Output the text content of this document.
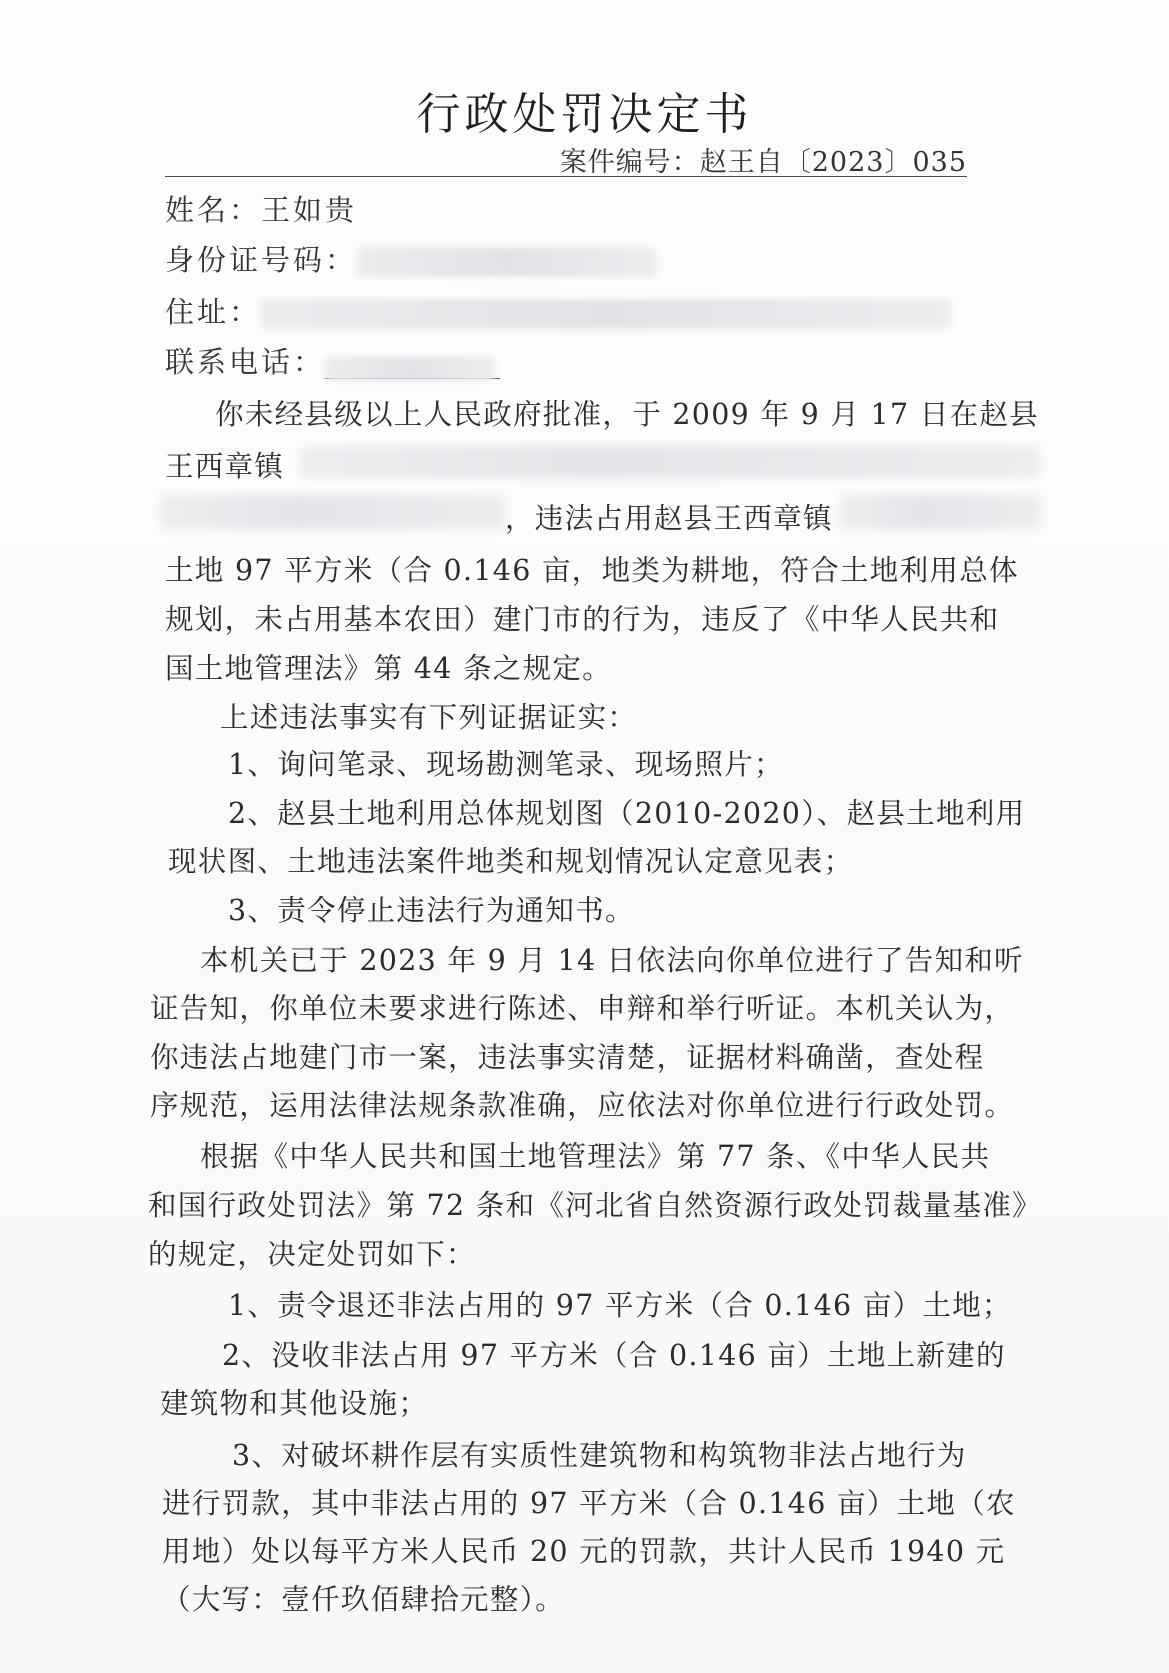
行政处罚决定书
案件编号：赵王自〔2023〕035
姓名：王如贵
身份证号码：
住址：
联系电话：
你未经县级以上人民政府批准，于 2009 年 9 月 17 日在赵县
王西章镇
，违法占用赵县王西章镇
土地 97 平方米（合 0.146 亩，地类为耕地，符合土地利用总体
规划，未占用基本农田）建门市的行为，违反了《中华人民共和
国土地管理法》第 44 条之规定。
上述违法事实有下列证据证实：
1、询问笔录、现场勘测笔录、现场照片；
2、赵县土地利用总体规划图（2010-2020）、赵县土地利用
现状图、土地违法案件地类和规划情况认定意见表；
3、责令停止违法行为通知书。
本机关已于 2023 年 9 月 14 日依法向你单位进行了告知和听
证告知，你单位未要求进行陈述、申辩和举行听证。本机关认为，
你违法占地建门市一案，违法事实清楚，证据材料确凿，查处程
序规范，运用法律法规条款准确，应依法对你单位进行行政处罚。
根据《中华人民共和国土地管理法》第 77 条、《中华人民共
和国行政处罚法》第 72 条和《河北省自然资源行政处罚裁量基准》
的规定，决定处罚如下：
1、责令退还非法占用的 97 平方米（合 0.146 亩）土地；
2、没收非法占用 97 平方米（合 0.146 亩）土地上新建的
建筑物和其他设施；
3、对破坏耕作层有实质性建筑物和构筑物非法占地行为
进行罚款，其中非法占用的 97 平方米（合 0.146 亩）土地（农
用地）处以每平方米人民币 20 元的罚款，共计人民币 1940 元
（大写：壹仟玖佰肆拾元整）。
